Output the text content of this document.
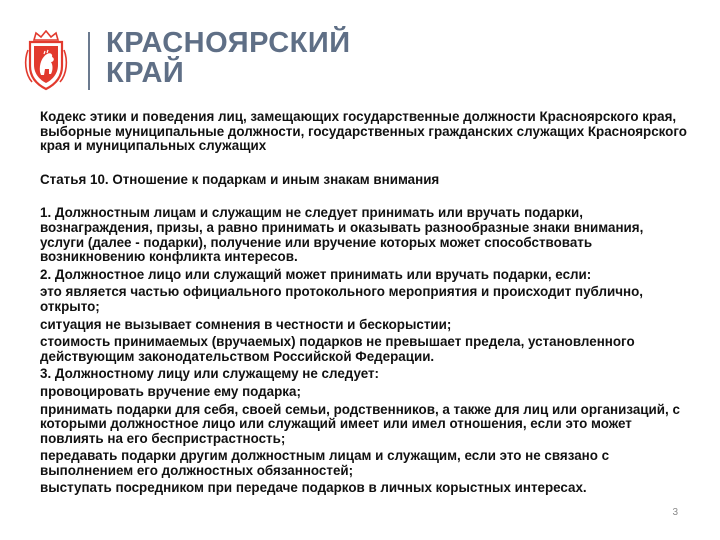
КРАСНОЯРСКИЙ
КРАЙ

Кодекс этики и поведения лиц, замещающих государственные должности Красноярского края, выборные муниципальные должности, государственных гражданских служащих Красноярского края и муниципальных служащих

Статья 10. Отношение к подаркам и иным знакам внимания

1. Должностным лицам и служащим не следует принимать или вручать подарки, вознаграждения, призы, а равно принимать и оказывать разнообразные знаки внимания, услуги (далее - подарки), получение или вручение которых может способствовать возникновению конфликта интересов.

2. Должностное лицо или служащий может принимать или вручать подарки, если:

это является частью официального протокольного мероприятия и происходит публично, открыто;

ситуация не вызывает сомнения в честности и бескорыстии;

стоимость принимаемых (вручаемых) подарков не превышает предела, установленного действующим законодательством Российской Федерации.

3. Должностному лицу или служащему не следует:

провоцировать вручение ему подарка;

принимать подарки для себя, своей семьи, родственников, а также для лиц или организаций, с которыми должностное лицо или служащий имеет или имел отношения, если это может повлиять на его беспристрастность;

передавать подарки другим должностным лицам и служащим, если это не связано с выполнением его должностных обязанностей;

выступать посредником при передаче подарков в личных корыстных интересах.

3
